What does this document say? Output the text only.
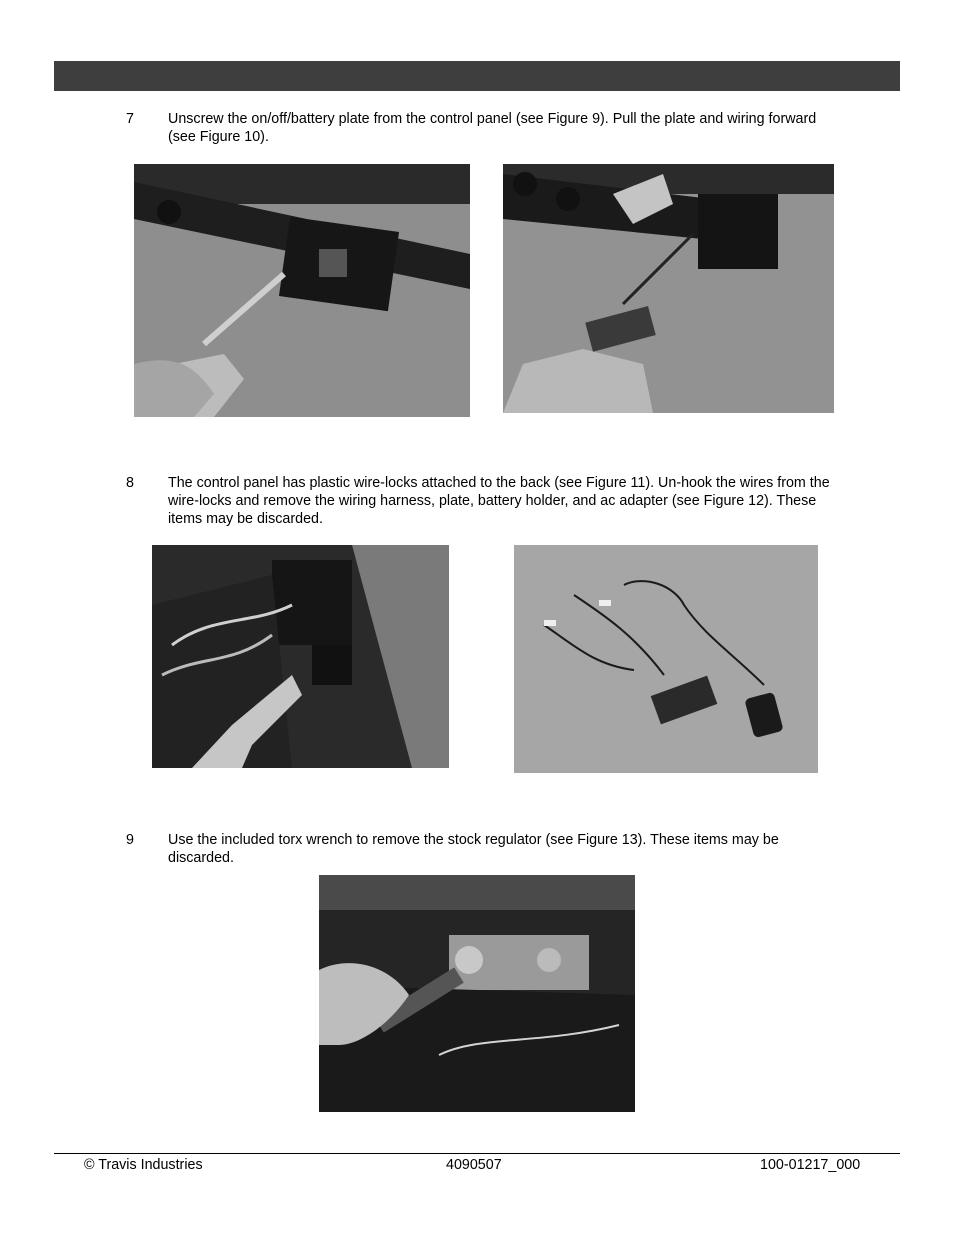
7 Unscrew the on/off/battery plate from the control panel (see Figure 9). Pull the plate and wiring forward (see Figure 10).
8 The control panel has plastic wire-locks attached to the back (see Figure 11). Un-hook the wires from the wire-locks and remove the wiring harness, plate, battery holder, and ac adapter (see Figure 12). These items may be discarded.
9 Use the included torx wrench to remove the stock regulator (see Figure 13). These items may be discarded.
© Travis Industries	4090507	100-01217_000
